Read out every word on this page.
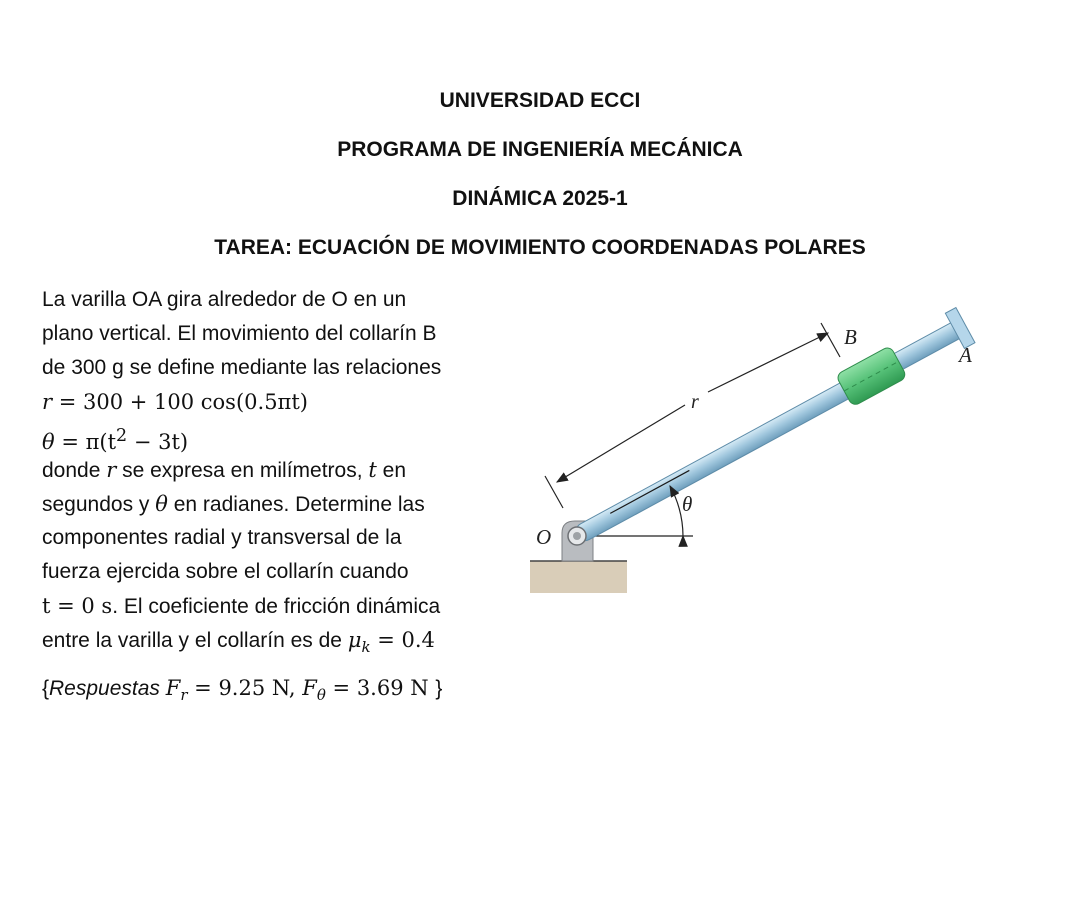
UNIVERSIDAD ECCI
PROGRAMA DE INGENIERÍA MECÁNICA
DINÁMICA 2025-1
TAREA: ECUACIÓN DE MOVIMIENTO COORDENADAS POLARES
La varilla OA gira alrededor de O en un
plano vertical. El movimiento del collarín B
de 300 g se define mediante las relaciones
r = 300 + 100 cos(0.5πt)
$\theta = \pi(t^2 - 3t)$
donde r se expresa en milímetros, t en
segundos y θ en radianes. Determine las
componentes radial y transversal de la
fuerza ejercida sobre el collarín cuando
t = 0 s. El coeficiente de fricción dinámica
entre la varilla y el collarín es de $\mu_k = 0.4$
{Respuestas $F_r = 9.25$ N, $F_\theta = 3.69$ N }
O
A
B
r
θ
